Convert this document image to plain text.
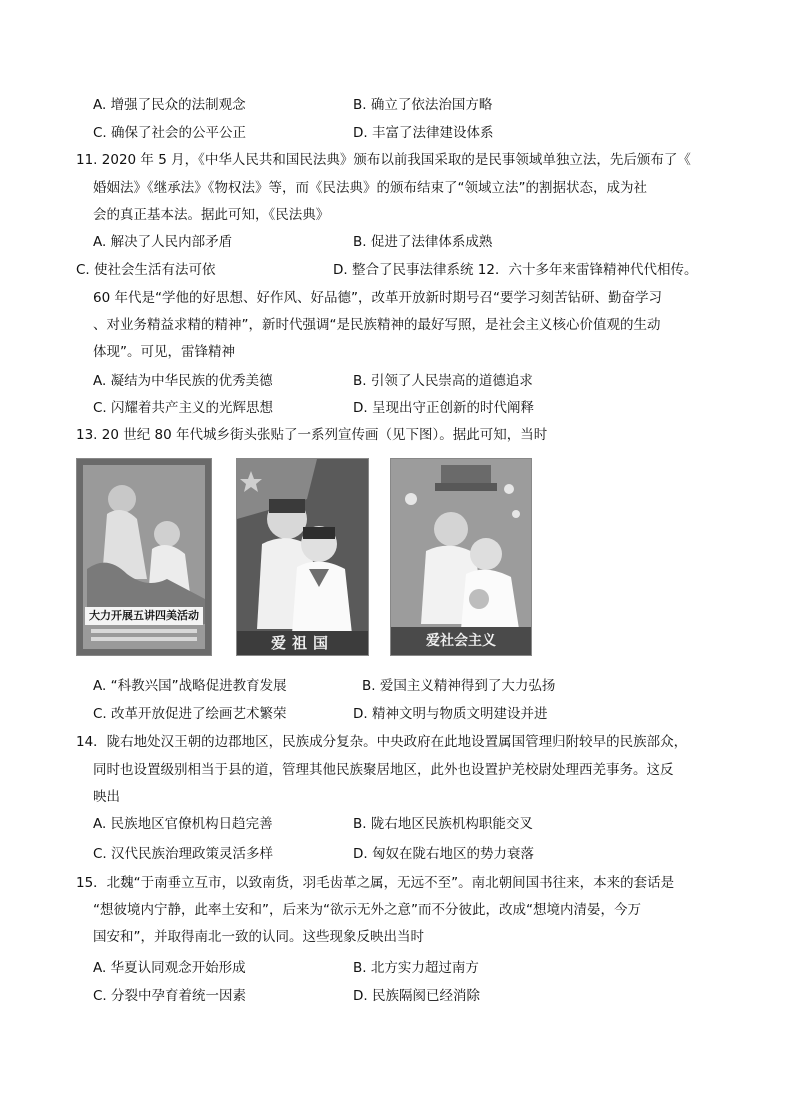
A. 增强了民众的法制观念	B. 确立了依法治国方略
C. 确保了社会的公平公正	D. 丰富了法律建设体系
11. 2020 年 5 月，《中华人民共和国民法典》颁布以前我国采取的是民事领域单独立法，先后颁布了《
婚姻法》《继承法》《物权法》等，而《民法典》的颁布结束了“领域立法”的割据状态，成为社
会的真正基本法。据此可知，《民法典》
A. 解决了人民内部矛盾	B. 促进了法律体系成熟
C. 使社会生活有法可依	D. 整合了民事法律系统 12．六十多年来雷锋精神代代相传。
60 年代是“学他的好思想、好作风、好品德”，改革开放新时期号召“要学习刻苦钻研、勤奋学习
、对业务精益求精的精神”，新时代强调“是民族精神的最好写照，是社会主义核心价值观的生动
体现”。可见，雷锋精神
A. 凝结为中华民族的优秀美德	B. 引领了人民崇高的道德追求
C. 闪耀着共产主义的光辉思想	D. 呈现出守正创新的时代阐释
13. 20 世纪 80 年代城乡街头张贴了一系列宣传画（见下图）。据此可知，当时
大力开展五讲四美活动
爱祖国	爱社会主义
A. “科教兴国”战略促进教育发展	B. 爱国主义精神得到了大力弘扬
C. 改革开放促进了绘画艺术繁荣	D. 精神文明与物质文明建设并进
14．陇右地处汉王朝的边郡地区，民族成分复杂。中央政府在此地设置属国管理归附较早的民族部众，
同时也设置级别相当于县的道，管理其他民族聚居地区，此外也设置护羌校尉处理西羌事务。这反
映出
A. 民族地区官僚机构日趋完善	B. 陇右地区民族机构职能交叉
C. 汉代民族治理政策灵活多样	D. 匈奴在陇右地区的势力衰落
15．北魏“于南垂立互市，以致南货，羽毛齿革之属，无远不至”。南北朝间国书往来，本来的套话是
“想彼境内宁静，此率土安和”，后来为“欲示无外之意”而不分彼此，改成“想境内清晏，今万
国安和”，并取得南北一致的认同。这些现象反映出当时
A. 华夏认同观念开始形成	B. 北方实力超过南方
C. 分裂中孕育着统一因素	D. 民族隔阂已经消除
